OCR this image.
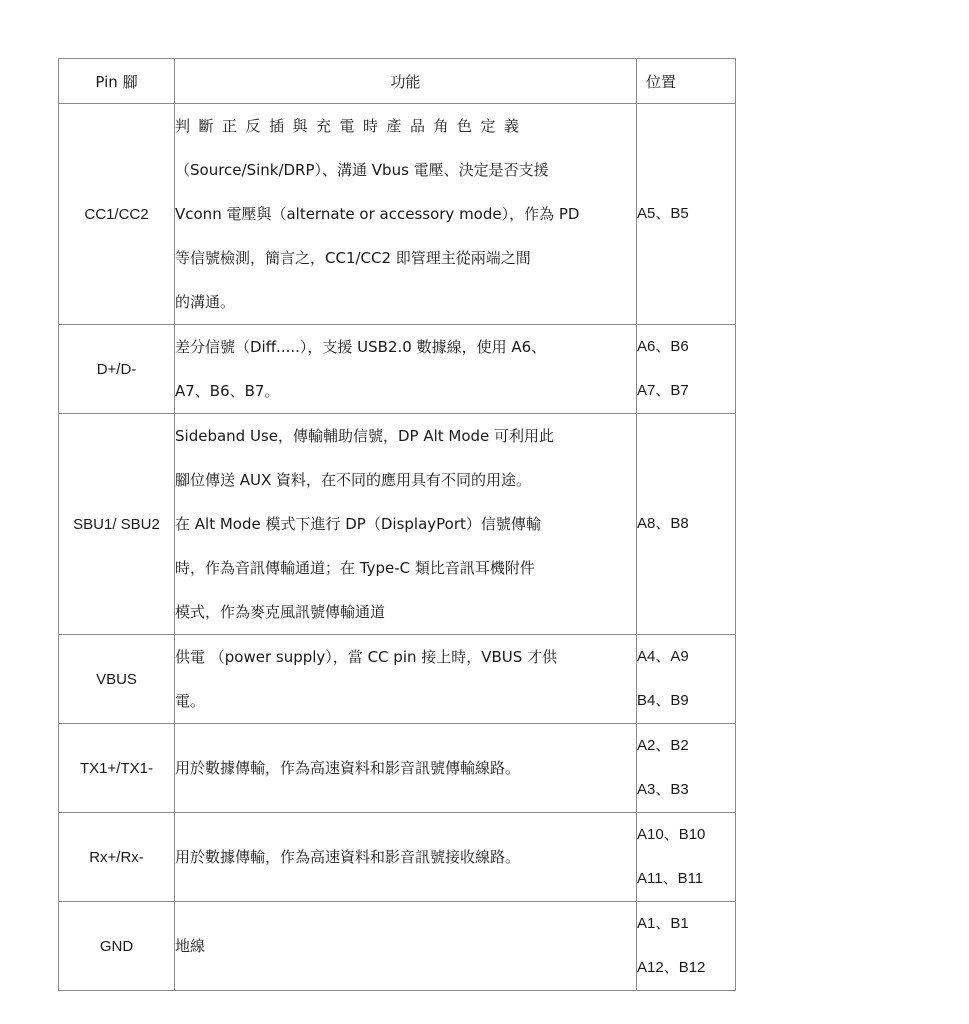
Pin 腳	功能	位置
CC1/CC2	判斷正反插與充電時產品角色定義
（Source/Sink/DRP）、溝通 Vbus 電壓、決定是否支援
Vconn 電壓與（alternate or accessory mode），作為 PD
等信號檢測，簡言之，CC1/CC2 即管理主從兩端之間
的溝通。	A5、B5

D+/D-	差分信號（Diff.....），支援 USB2.0 數據線，使用 A6、
A7、B6、B7。	A6、B6
A7、B7

SBU1/ SBU2	Sideband Use，傳輸輔助信號，DP Alt Mode 可利用此
腳位傳送 AUX 資料，在不同的應用具有不同的用途。
在 Alt Mode 模式下進行 DP（DisplayPort）信號傳輸
時，作為音訊傳輸通道；在 Type-C 類比音訊耳機附件
模式，作為麥克風訊號傳輸通道	A8、B8

VBUS	供電 （power supply），當 CC pin 接上時，VBUS 才供
電。	A4、A9
B4、B9

TX1+/TX1-	用於數據傳輸，作為高速資料和影音訊號傳輸線路。	A2、B2
A3、B3

Rx+/Rx-	用於數據傳輸，作為高速資料和影音訊號接收線路。	A10、B10
A11、B11

GND	地線	A1、B1
A12、B12
